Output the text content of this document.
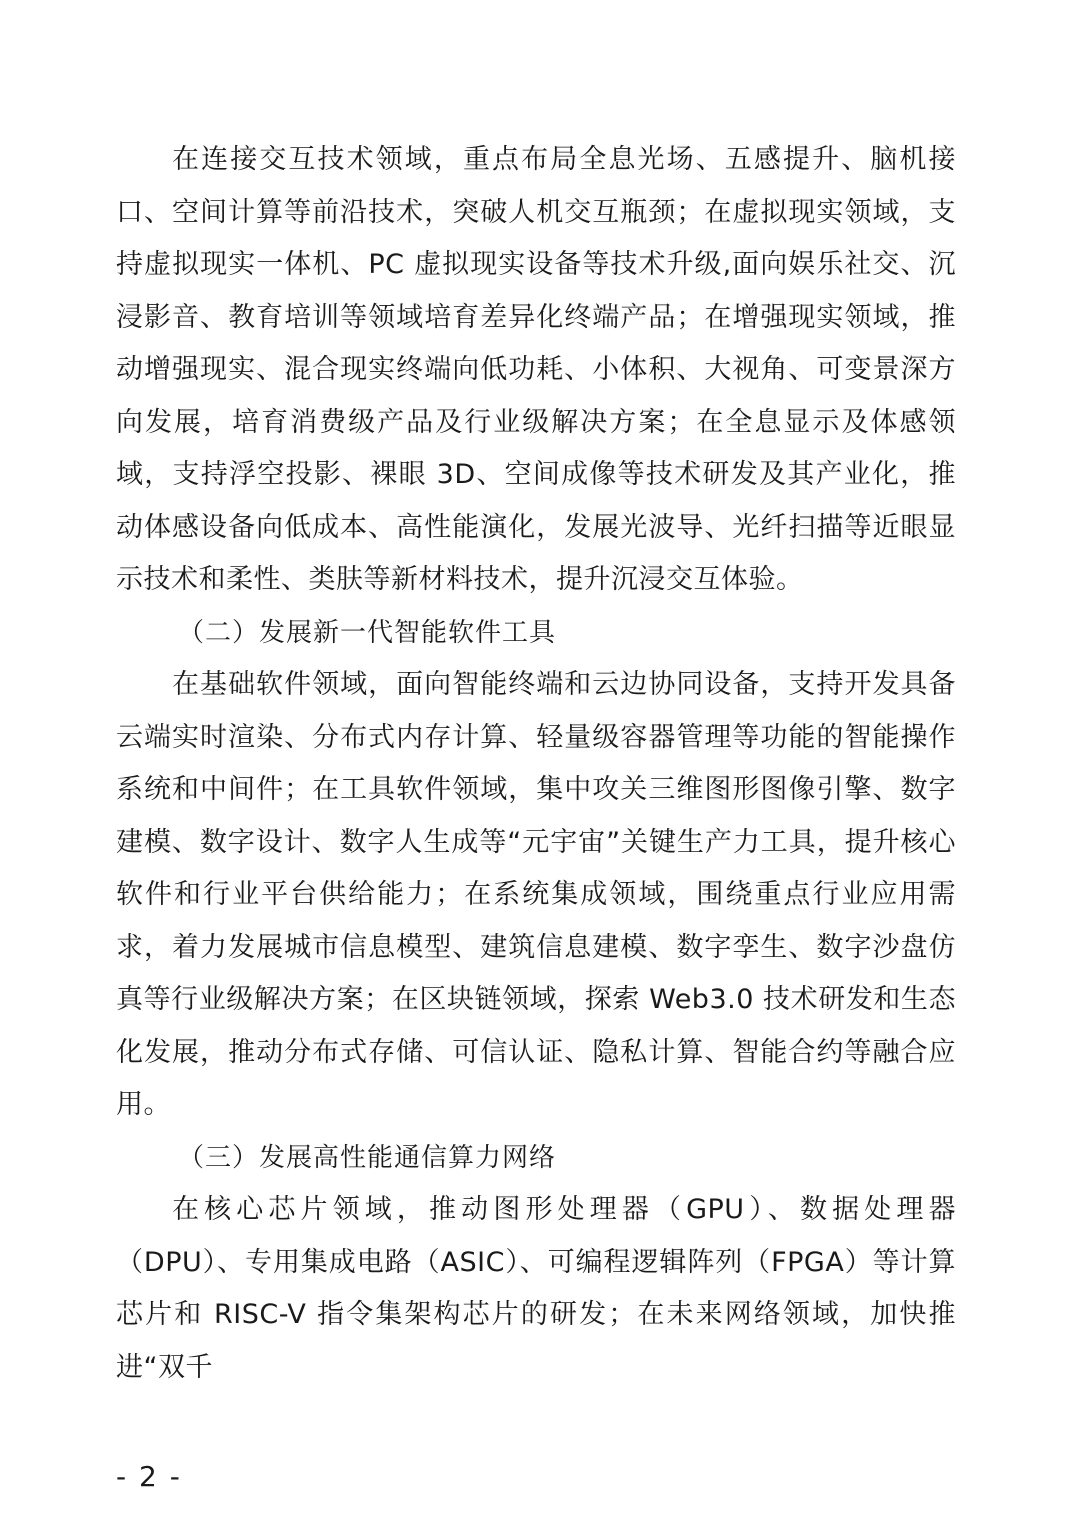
在连接交互技术领域，重点布局全息光场、五感提升、脑机接口、空间计算等前沿技术，突破人机交互瓶颈；在虚拟现实领域，支持虚拟现实一体机、PC 虚拟现实设备等技术升级,面向娱乐社交、沉浸影音、教育培训等领域培育差异化终端产品；在增强现实领域，推动增强现实、混合现实终端向低功耗、小体积、大视角、可变景深方向发展，培育消费级产品及行业级解决方案；在全息显示及体感领域，支持浮空投影、裸眼 3D、空间成像等技术研发及其产业化，推动体感设备向低成本、高性能演化，发展光波导、光纤扫描等近眼显示技术和柔性、类肤等新材料技术，提升沉浸交互体验。

（二）发展新一代智能软件工具

在基础软件领域，面向智能终端和云边协同设备，支持开发具备云端实时渲染、分布式内存计算、轻量级容器管理等功能的智能操作系统和中间件；在工具软件领域，集中攻关三维图形图像引擎、数字建模、数字设计、数字人生成等“元宇宙”关键生产力工具，提升核心软件和行业平台供给能力；在系统集成领域，围绕重点行业应用需求，着力发展城市信息模型、建筑信息建模、数字孪生、数字沙盘仿真等行业级解决方案；在区块链领域，探索 Web3.0 技术研发和生态化发展，推动分布式存储、可信认证、隐私计算、智能合约等融合应用。

（三）发展高性能通信算力网络

在核心芯片领域，推动图形处理器（GPU）、数据处理器（DPU）、专用集成电路（ASIC）、可编程逻辑阵列（FPGA）等计算芯片和 RISC-V 指令集架构芯片的研发；在未来网络领域，加快推进“双千

- 2 -
